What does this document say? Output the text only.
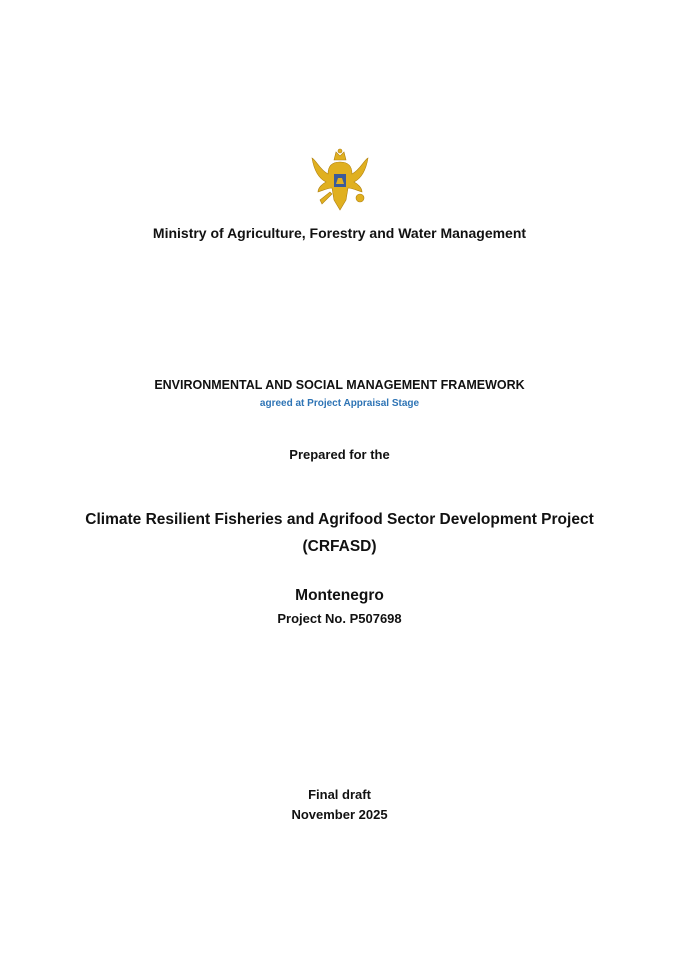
Ministry of Agriculture, Forestry and Water Management
ENVIRONMENTAL AND SOCIAL MANAGEMENT FRAMEWORK
agreed at Project Appraisal Stage
Prepared for the
Climate Resilient Fisheries and Agrifood Sector Development Project
(CRFASD)
Montenegro
Project No. P507698
Final draft
November 2025
